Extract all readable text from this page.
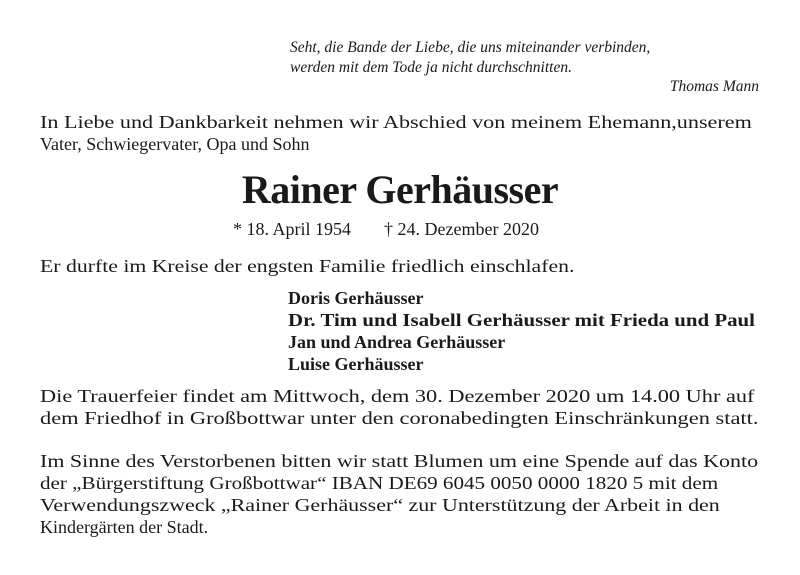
Seht, die Bande der Liebe, die uns miteinander verbinden,
werden mit dem Tode ja nicht durchschnitten.
Thomas Mann
In Liebe und Dankbarkeit nehmen wir Abschied von meinem Ehemann,unserem
Vater, Schwiegervater, Opa und Sohn
Rainer Gerhäusser
* 18. April 1954 † 24. Dezember 2020
Er durfte im Kreise der engsten Familie friedlich einschlafen.
Doris Gerhäusser
Dr. Tim und Isabell Gerhäusser mit Frieda und Paul
Jan und Andrea Gerhäusser
Luise Gerhäusser
Die Trauerfeier findet am Mittwoch, dem 30. Dezember 2020 um 14.00 Uhr auf
dem Friedhof in Großbottwar unter den coronabedingten Einschränkungen statt.
Im Sinne des Verstorbenen bitten wir statt Blumen um eine Spende auf das Konto
der „Bürgerstiftung Großbottwar“ IBAN DE69 6045 0050 0000 1820 5 mit dem
Verwendungszweck „Rainer Gerhäusser“ zur Unterstützung der Arbeit in den
Kindergärten der Stadt.
